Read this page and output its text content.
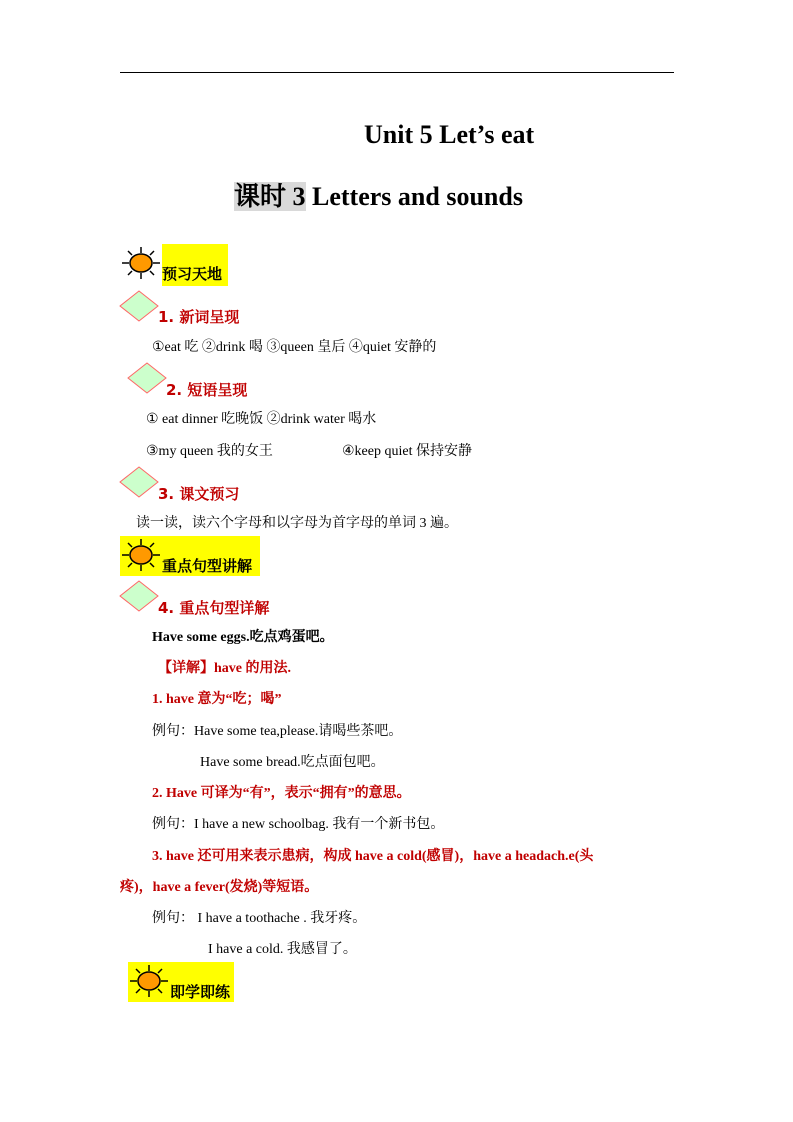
Unit 5 Let’s eat
课时 3 Letters and sounds
预习天地
1. 新词呈现
①eat 吃 ②drink 喝 ③queen 皇后 ④quiet 安静的
2. 短语呈现
① eat dinner 吃晚饭 ②drink water 喝水
③my queen 我的女王	④keep quiet 保持安静
3. 课文预习
读一读，读六个字母和以字母为首字母的单词 3 遍。
重点句型讲解
4. 重点句型详解
Have some eggs.吃点鸡蛋吧。
【详解】have 的用法.
1. have 意为“吃；喝”
例句：Have some tea,please.请喝些茶吧。
Have some bread.吃点面包吧。
2. Have 可译为“有”，表示“拥有”的意思。
例句：I have a new schoolbag. 我有一个新书包。
3. have 还可用来表示患病，构成 have a cold(感冒)，have a headach.e(头
疼)，have a fever(发烧)等短语。
例句： I have a toothache . 我牙疼。
I have a cold. 我感冒了。
即学即练
